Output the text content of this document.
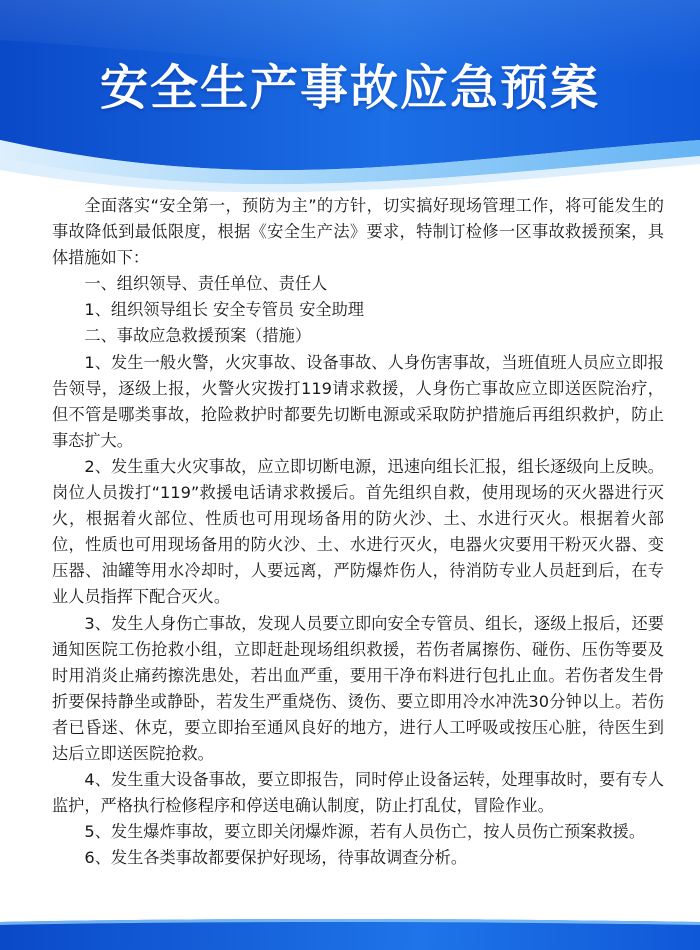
安全生产事故应急预案

全面落实“安全第一，预防为主”的方针，切实搞好现场管理工作，将可能发生的事故降低到最低限度，根据《安全生产法》要求，特制订检修一区事故救援预案，具体措施如下：

一、组织领导、责任单位、责任人

1、组织领导组长 安全专管员 安全助理

二、事故应急救援预案（措施）

1、发生一般火警，火灾事故、设备事故、人身伤害事故，当班值班人员应立即报告领导，逐级上报，火警火灾拨打119请求救援，人身伤亡事故应立即送医院治疗，但不管是哪类事故，抢险救护时都要先切断电源或采取防护措施后再组织救护，防止事态扩大。

2、发生重大火灾事故，应立即切断电源，迅速向组长汇报，组长逐级向上反映。岗位人员拨打“119”救援电话请求救援后。首先组织自救，使用现场的灭火器进行灭火，根据着火部位、性质也可用现场备用的防火沙、土、水进行灭火。根据着火部位，性质也可用现场备用的防火沙、土、水进行灭火，电器火灾要用干粉灭火器、变压器、油罐等用水冷却时，人要远离，严防爆炸伤人，待消防专业人员赶到后，在专业人员指挥下配合灭火。

3、发生人身伤亡事故，发现人员要立即向安全专管员、组长，逐级上报后，还要通知医院工伤抢救小组，立即赶赴现场组织救援，若伤者属擦伤、碰伤、压伤等要及时用消炎止痛药擦洗患处，若出血严重，要用干净布料进行包扎止血。若伤者发生骨折要保持静坐或静卧，若发生严重烧伤、烫伤、要立即用冷水冲洗30分钟以上。若伤者已昏迷、休克，要立即抬至通风良好的地方，进行人工呼吸或按压心脏，待医生到达后立即送医院抢救。

4、发生重大设备事故，要立即报告，同时停止设备运转，处理事故时，要有专人监护，严格执行检修程序和停送电确认制度，防止打乱仗，冒险作业。

5、发生爆炸事故，要立即关闭爆炸源，若有人员伤亡，按人员伤亡预案救援。

6、发生各类事故都要保护好现场，待事故调查分析。
